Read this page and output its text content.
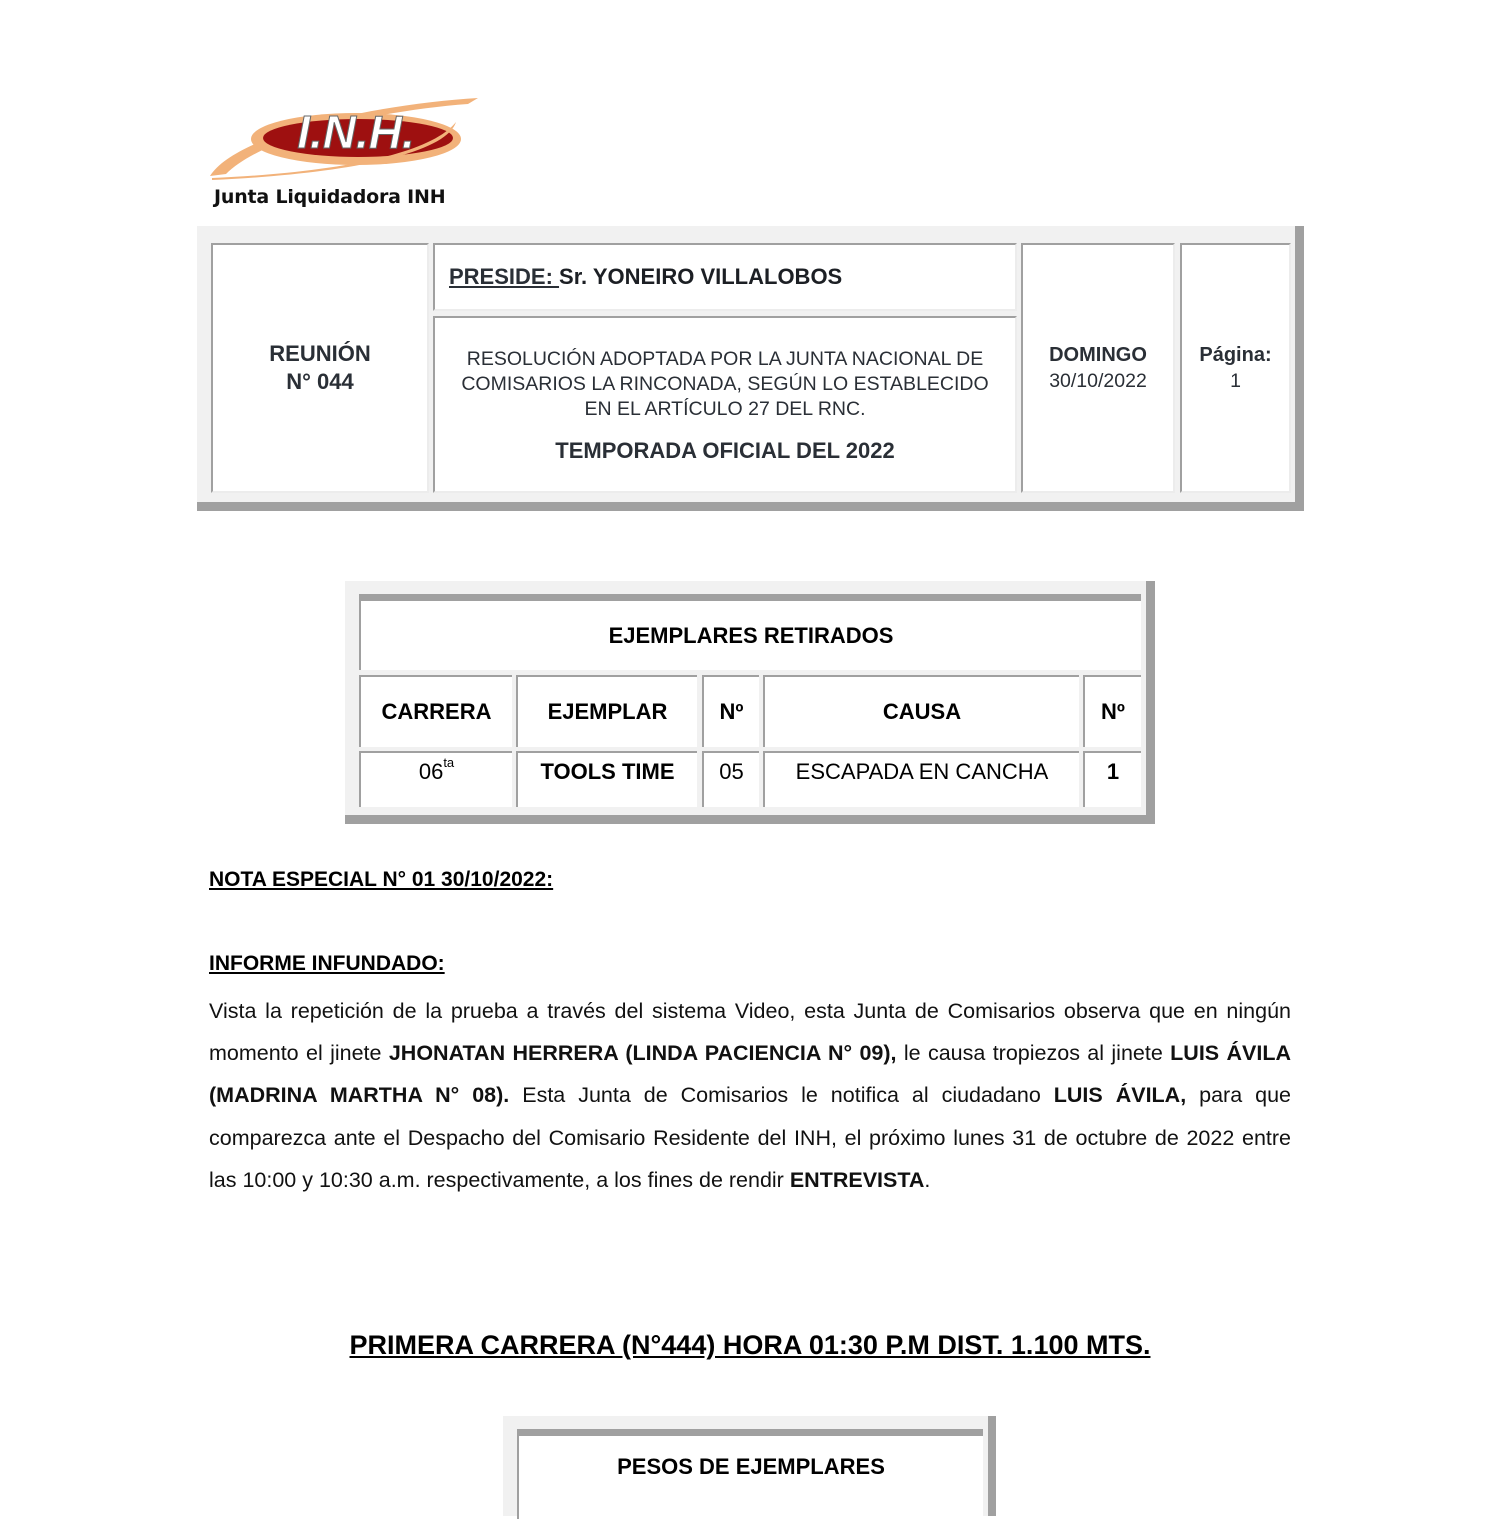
I.N.H.
Junta Liquidadora INH
REUNIÓN
N° 044
PRESIDE: Sr. YONEIRO VILLALOBOS
RESOLUCIÓN ADOPTADA POR LA JUNTA NACIONAL DE COMISARIOS LA RINCONADA, SEGÚN LO ESTABLECIDO EN EL ARTÍCULO 27 DEL RNC.
TEMPORADA OFICIAL DEL 2022
DOMINGO
30/10/2022
Página:
1
EJEMPLARES RETIRADOS
CARRERA	EJEMPLAR	Nº	CAUSA	Nº
$06^{ta}$	TOOLS TIME	05	ESCAPADA EN CANCHA	1
NOTA ESPECIAL N° 01 30/10/2022:
INFORME INFUNDADO:
Vista la repetición de la prueba a través del sistema Video, esta Junta de Comisarios observa que en ningún momento el jinete JHONATAN HERRERA (LINDA PACIENCIA N° 09), le causa tropiezos al jinete LUIS ÁVILA (MADRINA MARTHA N° 08). Esta Junta de Comisarios le notifica al ciudadano LUIS ÁVILA, para que comparezca ante el Despacho del Comisario Residente del INH, el próximo lunes 31 de octubre de 2022 entre las 10:00 y 10:30 a.m. respectivamente, a los fines de rendir ENTREVISTA.
PRIMERA CARRERA (N°444) HORA 01:30 P.M DIST. 1.100 MTS.
PESOS DE EJEMPLARES
